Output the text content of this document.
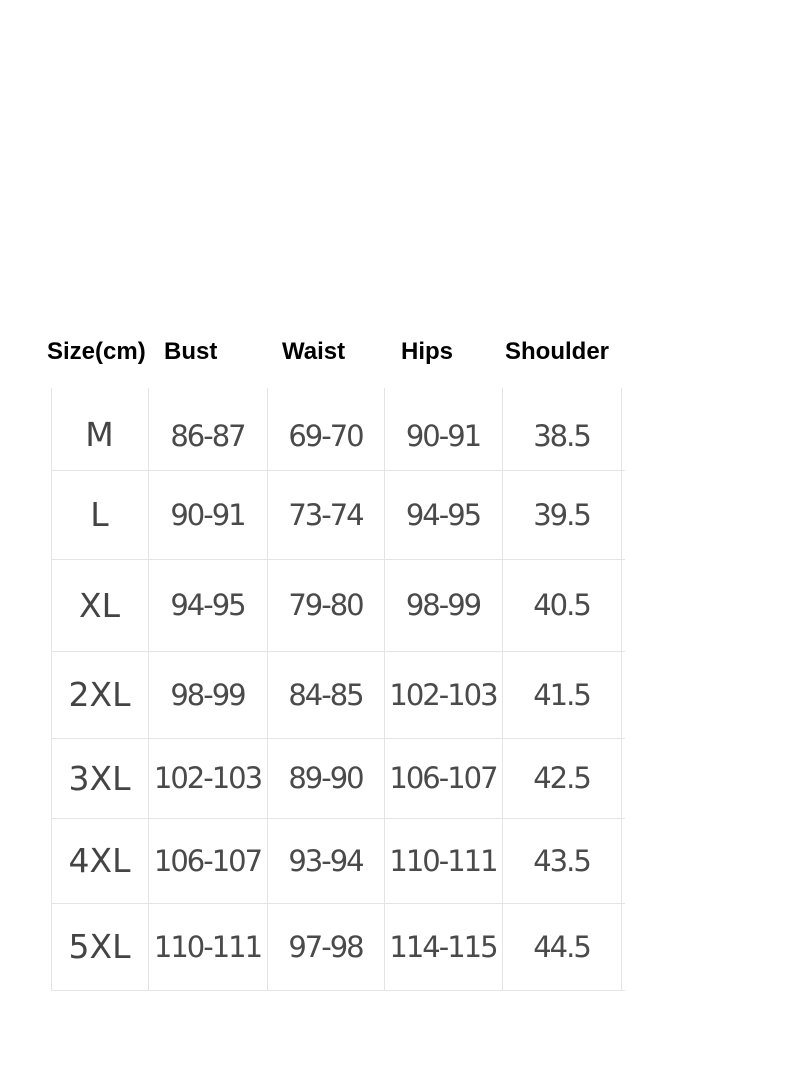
Size(cm) Bust	Waist Hips Shoulder
M	86-87	69-70	90-91	38.5
L	90-91	73-74	94-95	39.5
XL	94-95	79-80	98-99	40.5
2XL	98-99	84-85 102-103	41.5
3XL 102-103 89-90 106-107	42.5
4XL 106-107 93-94 110-111	43.5
5XL 110-111 97-98 114-115	44.5
